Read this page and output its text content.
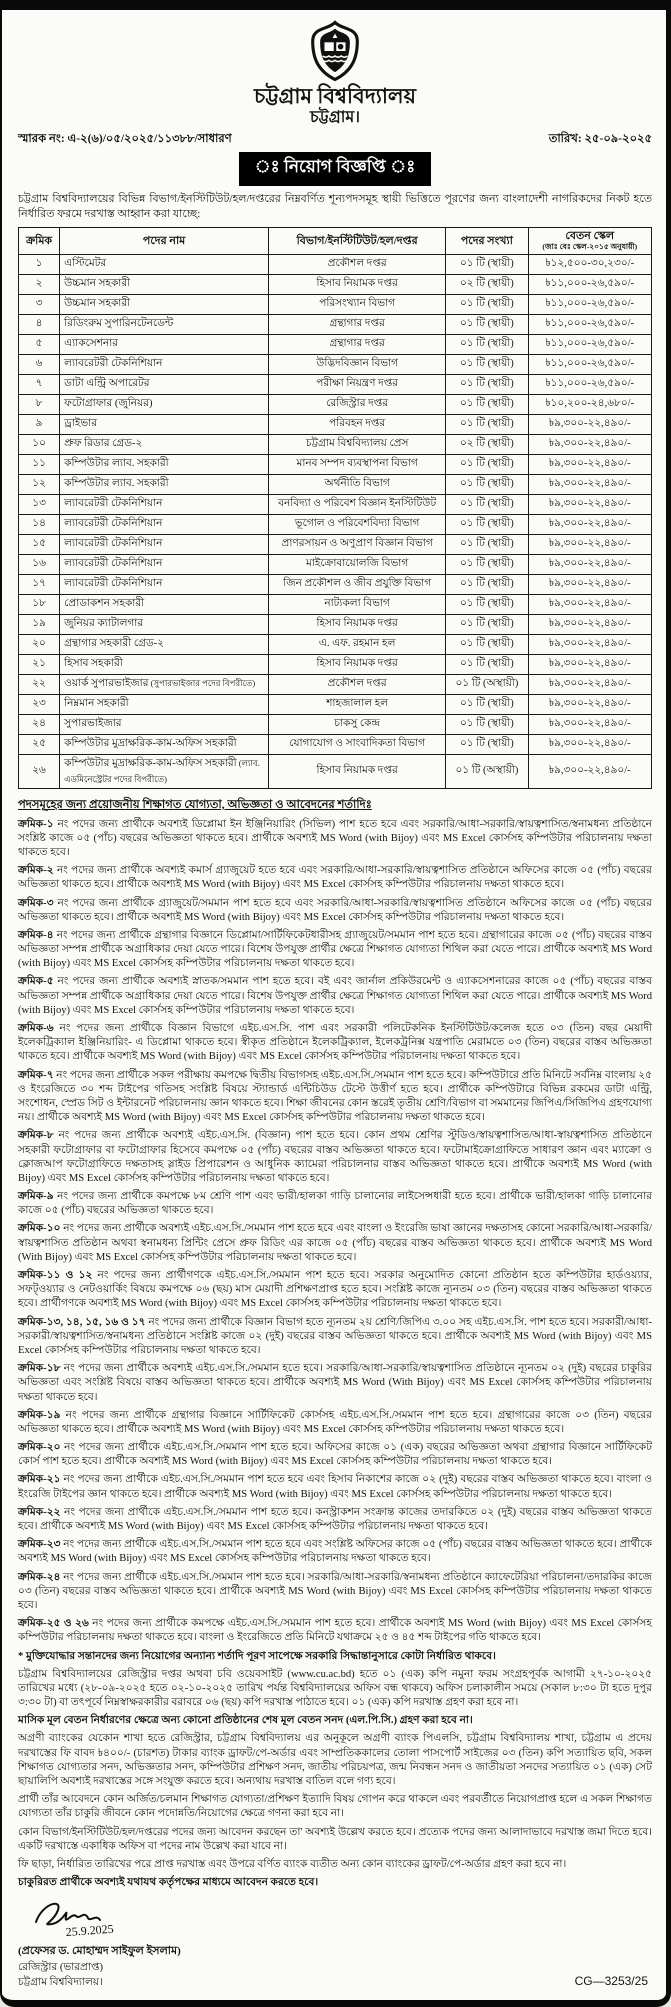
চট্টগ্রাম বিশ্ববিদ্যালয়
চট্টগ্রাম।
স্মারক নং: এ-২(৬)/০৫/২০২৫/১১৩৮৮/সাধারণ	তারিখ: ২৫-০৯-২০২৫
ঃ নিয়োগ বিজ্ঞপ্তি ঃ

চট্টগ্রাম বিশ্ববিদ্যালয়ের বিভিন্ন বিভাগ/ইনস্টিটিউট/হল/দপ্তরের নিম্নবর্ণিত শূন্যপদসমূহ স্থায়ী ভিত্তিতে পূরণের জন্য বাংলাদেশী নাগরিকদের নিকট হতে নির্ধারিত ফরমে দরখাস্ত আহ্বান করা যাচ্ছে:

ক্রমিক	পদের নাম	বিভাগ/ইনস্টিটিউট/হল/দপ্তর	পদের সংখ্যা	বেতন স্কেল
(জাঃ বেঃ স্কেল-২০১৫ অনুযায়ী)

১	এস্টিমেটর	প্রকৌশল দপ্তর	০১ টি (স্থায়ী)	৳১২,৫০০-৩০,২৩০/-
২	উচ্চমান সহকারী	হিসাব নিয়ামক দপ্তর	০২ টি (স্থায়ী)	৳১১,০০০-২৬,৫৯০/-
৩	উচ্চমান সহকারী	পরিসংখ্যান বিভাগ	০১ টি (স্থায়ী)	৳১১,০০০-২৬,৫৯০/-
৪	রিডিংরুম সুপারিনটেনডেন্ট	গ্রন্থাগার দপ্তর	০১ টি (স্থায়ী)	৳১১,০০০-২৬,৫৯০/-
৫	এ্যাকসেশনার	গ্রন্থাগার দপ্তর	০১ টি (স্থায়ী)	৳১১,০০০-২৬,৫৯০/-
৬	ল্যাবরেটরী টেকনিশিয়ান	উদ্ভিদবিজ্ঞান বিভাগ	০১ টি (স্থায়ী)	৳১১,০০০-২৬,৫৯০/-
৭	ডাটা এন্ট্রি অপারেটর	পরীক্ষা নিয়ন্ত্রণ দপ্তর	০১ টি (স্থায়ী)	৳১১,০০০-২৬,৫৯০/-
৮	ফটোগ্রাফার (জুনিয়র)	রেজিস্ট্রার দপ্তর	০১ টি (স্থায়ী)	৳১০,২০০-২৪,৬৮০/-
৯	ড্রাইভার	পরিবহন দপ্তর	০১ টি (স্থায়ী)	৳৯,৩০০-২২,৪৯০/-
১০	প্রুফ রিডার গ্রেড-২	চট্টগ্রাম বিশ্ববিদ্যালয় প্রেস	০২ টি (স্থায়ী)	৳৯,৩০০-২২,৪৯০/-
১১	কম্পিউটার ল্যাব. সহকারী	মানব সম্পদ ব্যবস্থাপনা বিভাগ	০১ টি (স্থায়ী)	৳৯,৩০০-২২,৪৯০/-
১২	কম্পিউটার ল্যাব. সহকারী	অর্থনীতি বিভাগ	০১ টি (স্থায়ী)	৳৯,৩০০-২২,৪৯০/-
১৩	ল্যাবরেটরী টেকনিশিয়ান	বনবিদ্যা ও পরিবেশ বিজ্ঞান ইনস্টিটিউট	০১ টি (স্থায়ী)	৳৯,৩০০-২২,৪৯০/-
১৪	ল্যাবরেটরী টেকনিশিয়ান	ভূগোল ও পরিবেশবিদ্যা বিভাগ	০১ টি (স্থায়ী)	৳৯,৩০০-২২,৪৯০/-
১৫	ল্যাবরেটরী টেকনিশিয়ান	প্রাণরসায়ন ও অণুপ্রাণ বিজ্ঞান বিভাগ	০১ টি (স্থায়ী)	৳৯,৩০০-২২,৪৯০/-
১৬	ল্যাবরেটরী টেকনিশিয়ান	মাইক্রোবায়োলজি বিভাগ	০১ টি (স্থায়ী)	৳৯,৩০০-২২,৪৯০/-
১৭	ল্যাবরেটরী টেকনিশিয়ান	জিন প্রকৌশল ও জীব প্রযুক্তি বিভাগ	০১ টি (স্থায়ী)	৳৯,৩০০-২২,৪৯০/-
১৮	প্রোডাকশন সহকারী	নাট্যকলা বিভাগ	০১ টি (স্থায়ী)	৳৯,৩০০-২২,৪৯০/-
১৯	জুনিয়র ক্যাটালগার	হিসাব নিয়ামক দপ্তর	০১ টি (স্থায়ী)	৳৯,৩০০-২২,৪৯০/-
২০	গ্রন্থাগার সহকারী গ্রেড-২	এ. এফ. রহমান হল	০১ টি (স্থায়ী)	৳৯,৩০০-২২,৪৯০/-
২১	হিসাব সহকারী	হিসাব নিয়ামক দপ্তর	০১ টি (স্থায়ী)	৳৯,৩০০-২২,৪৯০/-
২২	ওয়ার্ক সুপারভাইজার (সুপারভাইজার পদের বিপরীতে)	প্রকৌশল দপ্তর	০১ টি (অস্থায়ী)	৳৯,৩০০-২২,৪৯০/-
২৩	নিম্নমান সহকারী	শাহজালাল হল	০১ টি (স্থায়ী)	৳৯,৩০০-২২,৪৯০/-
২৪	সুপারভাইজার	চাকসু কেন্দ্র	০১ টি (স্থায়ী)	৳৯,৩০০-২২,৪৯০/-
২৫	কম্পিউটার মুদ্রাক্ষরিক-কাম-অফিস সহকারী	যোগাযোগ ও সাংবাদিকতা বিভাগ	০১ টি (স্থায়ী)	৳৯,৩০০-২২,৪৯০/-
২৬	কম্পিউটার মুদ্রাক্ষরিক-কাম-অফিস সহকারী (ল্যাব. এডমিনেস্ট্রেটর পদের বিপরীতে)	হিসাব নিয়ামক দপ্তর	০১ টি (অস্থায়ী)	৳৯,৩০০-২২,৪৯০/-
পদসমূহের জন্য প্রয়োজনীয় শিক্ষাগত যোগ্যতা, অভিজ্ঞতা ও আবেদনের শর্তাদিঃ

ক্রমিক-১ নং পদের জন্য প্রার্থীকে অবশ্যই ডিপ্লোমা ইন ইঞ্জিনিয়ারিং (সিভিল) পাশ হতে হবে এবং সরকারি/আধা-সরকারি/স্বায়ত্বশাসিত/স্বনামধন্য প্রতিষ্ঠানে সংশ্লিষ্ট কাজে ০৫ (পাঁচ) বছরের অভিজ্ঞতা থাকতে হবে। প্রার্থীকে অবশ্যই MS Word (with Bijoy) এবং MS Excel কোর্সসহ কম্পিউটার পরিচালনায় দক্ষতা থাকতে হবে।

ক্রমিক-২ নং পদের জন্য প্রার্থীকে অবশ্যই কমার্স গ্র্যাজুয়েট হতে হবে এবং সরকারি/আধা-সরকারি/স্বায়ত্বশাসিত প্রতিষ্ঠানে অফিসের কাজে ০৫ (পাঁচ) বছরের অভিজ্ঞতা থাকতে হবে। প্রার্থীকে অবশ্যই MS Word (with Bijoy) এবং MS Excel কোর্সসহ কম্পিউটার পরিচালনায় দক্ষতা থাকতে হবে।

ক্রমিক-৩ নং পদের জন্য প্রার্থীকে গ্র্যাজুয়েট/সমমান পাশ হতে হবে এবং সরকারি/আধা-সরকারি/স্বায়ত্বশাসিত প্রতিষ্ঠানে অফিসের কাজে ০৫ (পাঁচ) বছরের অভিজ্ঞতা থাকতে হবে। প্রার্থীকে অবশ্যই MS Word (with Bijoy) এবং MS Excel কোর্সসহ কম্পিউটার পরিচালনায় দক্ষতা থাকতে হবে।

ক্রমিক-৪ নং পদের জন্য প্রার্থীকে গ্রন্থাগার বিজ্ঞানে ডিপ্লোমা/সার্টিফিকেটধারীসহ গ্র্যাজুয়েট/সমমান পাশ হতে হবে। গ্রন্থাগারের কাজে ০৫ (পাঁচ) বছরের বাস্তব অভিজ্ঞতা সম্পন্ন প্রার্থীকে অগ্রাধিকার দেয়া যেতে পারে। বিশেষ উপযুক্ত প্রার্থীর ক্ষেত্রে শিক্ষাগত যোগ্যতা শিথিল করা যেতে পারে। প্রার্থীকে অবশ্যই MS Word (with Bijoy) এবং MS Excel কোর্সসহ কম্পিউটার পরিচালনায় দক্ষতা থাকতে হবে।

ক্রমিক-৫ নং পদের জন্য প্রার্থীকে অবশ্যই স্নাতক/সমমান পাশ হতে হবে। বই এবং জার্নাল প্রকিউরমেন্ট ও এ্যাকসেশনারের কাজে ০৫ (পাঁচ) বছরের বাস্তব অভিজ্ঞতা সম্পন্ন প্রার্থীকে অগ্রাধিকার দেয়া যেতে পারে। বিশেষ উপযুক্ত প্রার্থীর ক্ষেত্রে শিক্ষাগত যোগ্যতা শিথিল করা যেতে পারে। প্রার্থীকে অবশ্যই MS Word (with Bijoy) এবং MS Excel কোর্সসহ কম্পিউটার পরিচালনায় দক্ষতা থাকতে হবে।

ক্রমিক-৬ নং পদের জন্য প্রার্থীকে বিজ্ঞান বিভাগে এইচ.এস.সি. পাশ এবং সরকারী পলিটেকনিক ইনস্টিটিউট/কলেজ হতে ০৩ (তিন) বছর মেয়াদী ইলেকট্রিক্যাল ইঞ্জিনিয়ারিং- এ ডিপ্লোমা থাকতে হবে। স্বীকৃত প্রতিষ্ঠানে ইলেকট্রিক্যাল, ইলেকট্রনিক্স যন্ত্রপাতি মেরামতে ০৩ (তিন) বছরের বাস্তব অভিজ্ঞতা থাকতে হবে। প্রার্থীকে অবশ্যই MS Word (with Bijoy) এবং MS Excel কোর্সসহ কম্পিউটার পরিচালনায় দক্ষতা থাকতে হবে।

ক্রমিক-৭ নং পদের জন্য প্রার্থীকে সকল পরীক্ষায় কমপক্ষে দ্বিতীয় বিভাগসহ এইচ.এস.সি./সমমান পাশ হতে হবে। কম্পিউটারে প্রতি মিনিটে সর্বনিম্ন বাংলায় ২৫ ও ইংরেজিতে ৩০ শব্দ টাইপের গতিসহ সংশ্লিষ্ট বিষয়ে স্ট্যান্ডার্ড এন্টিচিউড টেস্টে উত্তীর্ণ হতে হবে। প্রার্থীকে কম্পিউটারে বিভিন্ন রকমের ডাটা এন্ট্রি, সংশোধন, স্প্রেড সিট ও ইন্টারনেট পরিচালনায় জ্ঞান থাকতে হবে। শিক্ষা জীবনের কোন স্তরেই তৃতীয় শ্রেণি/বিভাগ বা সমমানের জিপিএ/সিজিপিএ গ্রহণযোগ্য নয়। প্রার্থীকে অবশ্যই MS Word (with Bijoy) এবং MS Excel কোর্সসহ কম্পিউটার পরিচালনায় দক্ষতা থাকতে হবে।

ক্রমিক-৮ নং পদের জন্য প্রার্থীকে অবশ্যই এইচ.এস.সি. (বিজ্ঞান) পাশ হতে হবে। কোন প্রথম শ্রেণির স্টুডিও/স্বায়ত্বশাসিত/আধা-স্বায়ত্বশাসিত প্রতিষ্ঠানে সহকারী ফটোগ্রাফার বা ফটোগ্রাফার হিসেবে কমপক্ষে ০৫ (পাঁচ) বছরের বাস্তব অভিজ্ঞতা থাকতে হবে। ফটোমাইক্রোগ্রাফিতে সাধারণ জ্ঞান এবং ম্যাক্রো ও ক্লোজআপ ফটোগ্রাফিতে দক্ষতাসহ স্লাইড প্রিপারেশন ও আধুনিক ক্যামেরা পরিচালনার বাস্তব অভিজ্ঞতা থাকতে হবে। প্রার্থীকে অবশ্যই MS Word (with Bijoy) এবং MS Excel কোর্সসহ কম্পিউটার পরিচালনায় দক্ষতা থাকতে হবে।

ক্রমিক-৯ নং পদের জন্য প্রার্থীকে কমপক্ষে ৮ম শ্রেণি পাশ এবং ভারী/হালকা গাড়ি চালানোর লাইসেন্সধারী হতে হবে। প্রার্থীকে ভারী/হালকা গাড়ি চালানোর কাজে ০৫ (পাঁচ) বছরের অভিজ্ঞতা থাকতে হবে।

ক্রমিক-১০ নং পদের জন্য প্রার্থীকে অবশ্যই এইচ.এস.সি./সমমান পাশ হতে হবে এবং বাংলা ও ইংরেজি ভাষা জ্ঞানের দক্ষতাসহ কোনো সরকারি/আধা-সরকারি/স্বায়ত্বশাসিত প্রতিষ্ঠান অথবা স্বনামধন্য প্রিন্টিং প্রেসে প্রুফ রিডিং এর কাজে ০৫ (পাঁচ) বছরের বাস্তব অভিজ্ঞতা থাকতে হবে। প্রার্থীকে অবশ্যই MS Word (With Bijoy) এবং MS Excel কোর্সসহ কম্পিউটার পরিচালনায় দক্ষতা থাকতে হবে।

ক্রমিক-১১ ও ১২ নং পদের জন্য প্রার্থীগণকে এইচ.এস.সি./সমমান পাশ হতে হবে। সরকার অনুমোদিত কোনো প্রতিষ্ঠান হতে কম্পিউটার হার্ডওয়্যার, সফট্‌ওয়্যার ও নেটওয়ার্কিং বিষয়ে কমপক্ষে ০৬ (ছয়) মাস মেয়াদী প্রশিক্ষণপ্রাপ্ত হতে হবে। সংশ্লিষ্ট কাজে ন্যূনতম ০৩ (তিন) বছরের বাস্তব অভিজ্ঞতা থাকতে হবে। প্রার্থীগণকে অবশ্যই MS Word (with Bijoy) এবং MS Excel কোর্সসহ কম্পিউটার পরিচালনায় দক্ষতা থাকতে হবে।

ক্রমিক-১৩, ১৪, ১৫, ১৬ ও ১৭ নং পদের জন্য প্রার্থীকে বিজ্ঞান বিভাগ হতে ন্যূনতম ২য় শ্রেণি/জিপিএ ৩.০০ সহ এইচ.এস.সি. পাশ হতে হবে। সরকারী/আধা-সরকারী/স্বায়ত্বশাসিত/স্বনামধন্য প্রতিষ্ঠানে সংশ্লিষ্ট কাজে ০২ (দুই) বছরের বাস্তব অভিজ্ঞতা থাকতে হবে। প্রার্থীকে অবশ্যই MS Word (with Bijoy) এবং MS Excel কোর্সসহ কম্পিউটার পরিচালনায় দক্ষতা থাকতে হবে।

ক্রমিক-১৮ নং পদের জন্য প্রার্থীকে অবশ্যই এইচ.এস.সি./সমমান হতে হবে। সরকারি/আধা-সরকারি/স্বায়ত্বশাসিত প্রতিষ্ঠানে ন্যূনতম ০২ (দুই) বছরের চাকুরির অভিজ্ঞতা এবং সংশ্লিষ্ট বিষয়ে বাস্তব অভিজ্ঞতা থাকতে হবে। প্রার্থীকে অবশ্যই MS Word (With Bijoy) এবং MS Excel কোর্সসহ কম্পিউটার পরিচালনায় দক্ষতা থাকতে হবে।

ক্রমিক-১৯ নং পদের জন্য প্রার্থীকে গ্রন্থাগার বিজ্ঞানে সার্টিফিকেট কোর্সসহ এইচ.এস.সি./সমমান পাশ হতে হবে। গ্রন্থাগারের কাজে ০৩ (তিন) বছরের অভিজ্ঞতা থাকতে হবে। প্রার্থীকে অবশ্যই MS Word (with Bijoy) এবং MS Excel কোর্সসহ কম্পিউটার পরিচালনায় দক্ষতা থাকতে হবে।

ক্রমিক-২০ নং পদের জন্য প্রার্থীকে এইচ.এস.সি./সমমান পাশ হতে হবে। অফিসের কাজে ০১ (এক) বছরের অভিজ্ঞতা অথবা গ্রন্থাগার বিজ্ঞানে সার্টিফিকেট কোর্স পাশ হতে হবে। প্রার্থীকে অবশ্যই MS Word (with Bijoy) এবং MS Excel কোর্সসহ কম্পিউটার পরিচালনায় দক্ষতা থাকতে হবে।

ক্রমিক-২১ নং পদের জন্য প্রার্থীকে এইচ.এস.সি./সমমান পাশ হতে হবে এবং হিসাব নিকাশের কাজে ০২ (দুই) বছরের বাস্তব অভিজ্ঞতা থাকতে হবে। বাংলা ও ইংরেজি টাইপের জ্ঞান থাকতে হবে। প্রার্থীকে অবশ্যই MS Word (with Bijoy) এবং MS Excel কোর্সসহ কম্পিউটার পরিচালনায় দক্ষতা থাকতে হবে।

ক্রমিক-২২ নং পদের জন্য প্রার্থীকে এইচ.এস.সি./সমমান পাশ হতে হবে। কনস্ট্রাকশন সংক্রান্ত কাজের তদারকিতে ০২ (দুই) বছরের বাস্তব অভিজ্ঞতা থাকতে হবে। প্রার্থীকে অবশ্যই MS Word (with Bijoy) এবং MS Excel কোর্সসহ কম্পিউটার পরিচালনায় দক্ষতা থাকতে হবে।

ক্রমিক-২৩ নং পদের জন্য প্রার্থীকে এইচ.এস.সি./সমমান পাশ হতে হবে এবং সংশ্লিষ্ট অফিসের কাজে ০৫ (পাঁচ) বছরের বাস্তব অভিজ্ঞতা থাকতে হবে। প্রার্থীকে অবশ্যই MS Word (with Bijoy) এবং MS Excel কোর্সসহ কম্পিউটার পরিচালনায় দক্ষতা থাকতে হবে।

ক্রমিক-২৪ নং পদের জন্য প্রার্থীকে এইচ.এস.সি./সমমান পাশ হতে হবে। সরকারি/আধা-সরকারি/স্বনামধন্য প্রতিষ্ঠানে ক্যাফেটেরিয়া পরিচালনা/তদারকির কাজে ০৩ (তিন) বছরের বাস্তব অভিজ্ঞতা থাকতে হবে। প্রার্থীকে অবশ্যই MS Word (with Bijoy) এবং MS Excel কোর্সসহ কম্পিউটার পরিচালনায় দক্ষতা থাকতে হবে।

ক্রমিক-২৫ ও ২৬ নং পদের জন্য প্রার্থীকে কমপক্ষে এইচ.এস.সি./সমমান পাশ হতে হবে। প্রার্থীকে অবশ্যই MS Word (with Bijoy) এবং MS Excel কোর্সসহ কম্পিউটার পরিচালনায় দক্ষতা থাকতে হবে। বাংলা ও ইংরেজিতে প্রতি মিনিটে যথাক্রমে ২৫ ও ৪৫ শব্দ টাইপের গতি থাকতে হবে।

* মুক্তিযোদ্ধার সন্তানদের জন্য নিয়োগের অন্যান্য শর্তাদি পূরণ সাপেক্ষে সরকারি সিদ্ধান্তানুসারে কোটা নির্ধারিত থাকবে।

চট্টগ্রাম বিশ্ববিদ্যালয়ের রেজিস্ট্রার দপ্তর অথবা চবি ওয়েবসাইট (www.cu.ac.bd) হতে ০১ (এক) কপি নমুনা ফরম সংগ্রহপূর্বক আগামী ২৭-১০-২০২৫ তারিখের মধ্যে (২৮-০৯-২০২৫ হতে ০২-১০-২০২৫ তারিখ পর্যন্ত বিশ্ববিদ্যালয়ের অফিস বন্ধ থাকবে) অফিস চলাকালীন সময়ে (সকাল ৮:৩০ টা হতে দুপুর ৩:৩০ টা) বা তৎপূর্বে নিম্নস্বাক্ষরকারীর বরাবরে ০৬ (ছয়) কপি দরখাস্ত পাঠাতে হবে। ০১ (এক) কপি দরখাস্ত গ্রহণ করা হবে না।

মাসিক মূল বেতন নির্ধারণের ক্ষেত্রে অন্য কোনো প্রতিষ্ঠানের শেষ মূল বেতন সনদ (এল.পি.সি.) গ্রহণ করা হবে না।

অগ্রণী ব্যাংকের যেকোন শাখা হতে রেজিস্ট্রার, চট্টগ্রাম বিশ্ববিদ্যালয় এর অনুকূলে অগ্রণী ব্যাংক পিএলসি, চট্টগ্রাম বিশ্ববিদ্যালয় শাখা, চট্টগ্রাম এ প্রদেয় দরখাস্তের ফি বাবদ ৳৪০০/- (চারশত) টাকার ব্যাংক ড্রাফট/পে-অর্ডার এবং সাম্প্রতিককালের তোলা পাসপোর্ট সাইজের ০৩ (তিন) কপি সত্যায়িত ছবি, সকল শিক্ষাগত যোগ্যতার সনদ, অভিজ্ঞতার সনদ, কম্পিউটার প্রশিক্ষণ সনদ, জাতীয় পরিচয়পত্র, জন্ম নিবন্ধন সনদ ও জাতীয়তা সনদের সত্যায়িত ০১ (এক) সেট ছায়ালিপি অবশ্যই দরখাস্তের সঙ্গে সংযুক্ত করতে হবে। অন্যথায় দরখাস্ত বাতিল বলে গণ্য হবে।

প্রার্থী তাঁর আবেদনে কোন অর্জিত/চলমান শিক্ষাগত যোগ্যতা/প্রশিক্ষণ ইত্যাদি বিষয় গোপন করে থাকলে এবং পরবর্তীতে নিয়োগপ্রাপ্ত হলে এ সকল শিক্ষাগত যোগ্যতা তাঁর চাকুরি জীবনে কোন পদোন্নতি/নিয়োগের ক্ষেত্রে গণনা করা হবে না।

কোন বিভাগ/ইনস্টিটিউট/হল/দপ্তরের পদের জন্য আবেদন করছেন তা' অবশ্যই উল্লেখ করতে হবে। প্রত্যেক পদের জন্য আলাদাভাবে দরখাস্ত জমা দিতে হবে। একটি দরখাস্তে একাধিক অফিস বা পদের নাম উল্লেখ করা যাবে না।

ফি ছাড়া, নির্ধারিত তারিখের পরে প্রাপ্ত দরখাস্ত এবং উপরে বর্ণিত ব্যাংক ব্যতীত অন্য কোন ব্যাংকের ড্রাফট/পে-অর্ডার গ্রহণ করা হবে না।

চাকুরিরত প্রার্থীকে অবশ্যই যথাযথ কর্তৃপক্ষের মাধ্যমে আবেদন করতে হবে।

25.9.2025
(প্রফেসর ড. মোহাম্মদ সাইফুল ইসলাম)
রেজিস্ট্রার (ভারপ্রাপ্ত)
চট্টগ্রাম বিশ্ববিদ্যালয়।	CG—3253/25
